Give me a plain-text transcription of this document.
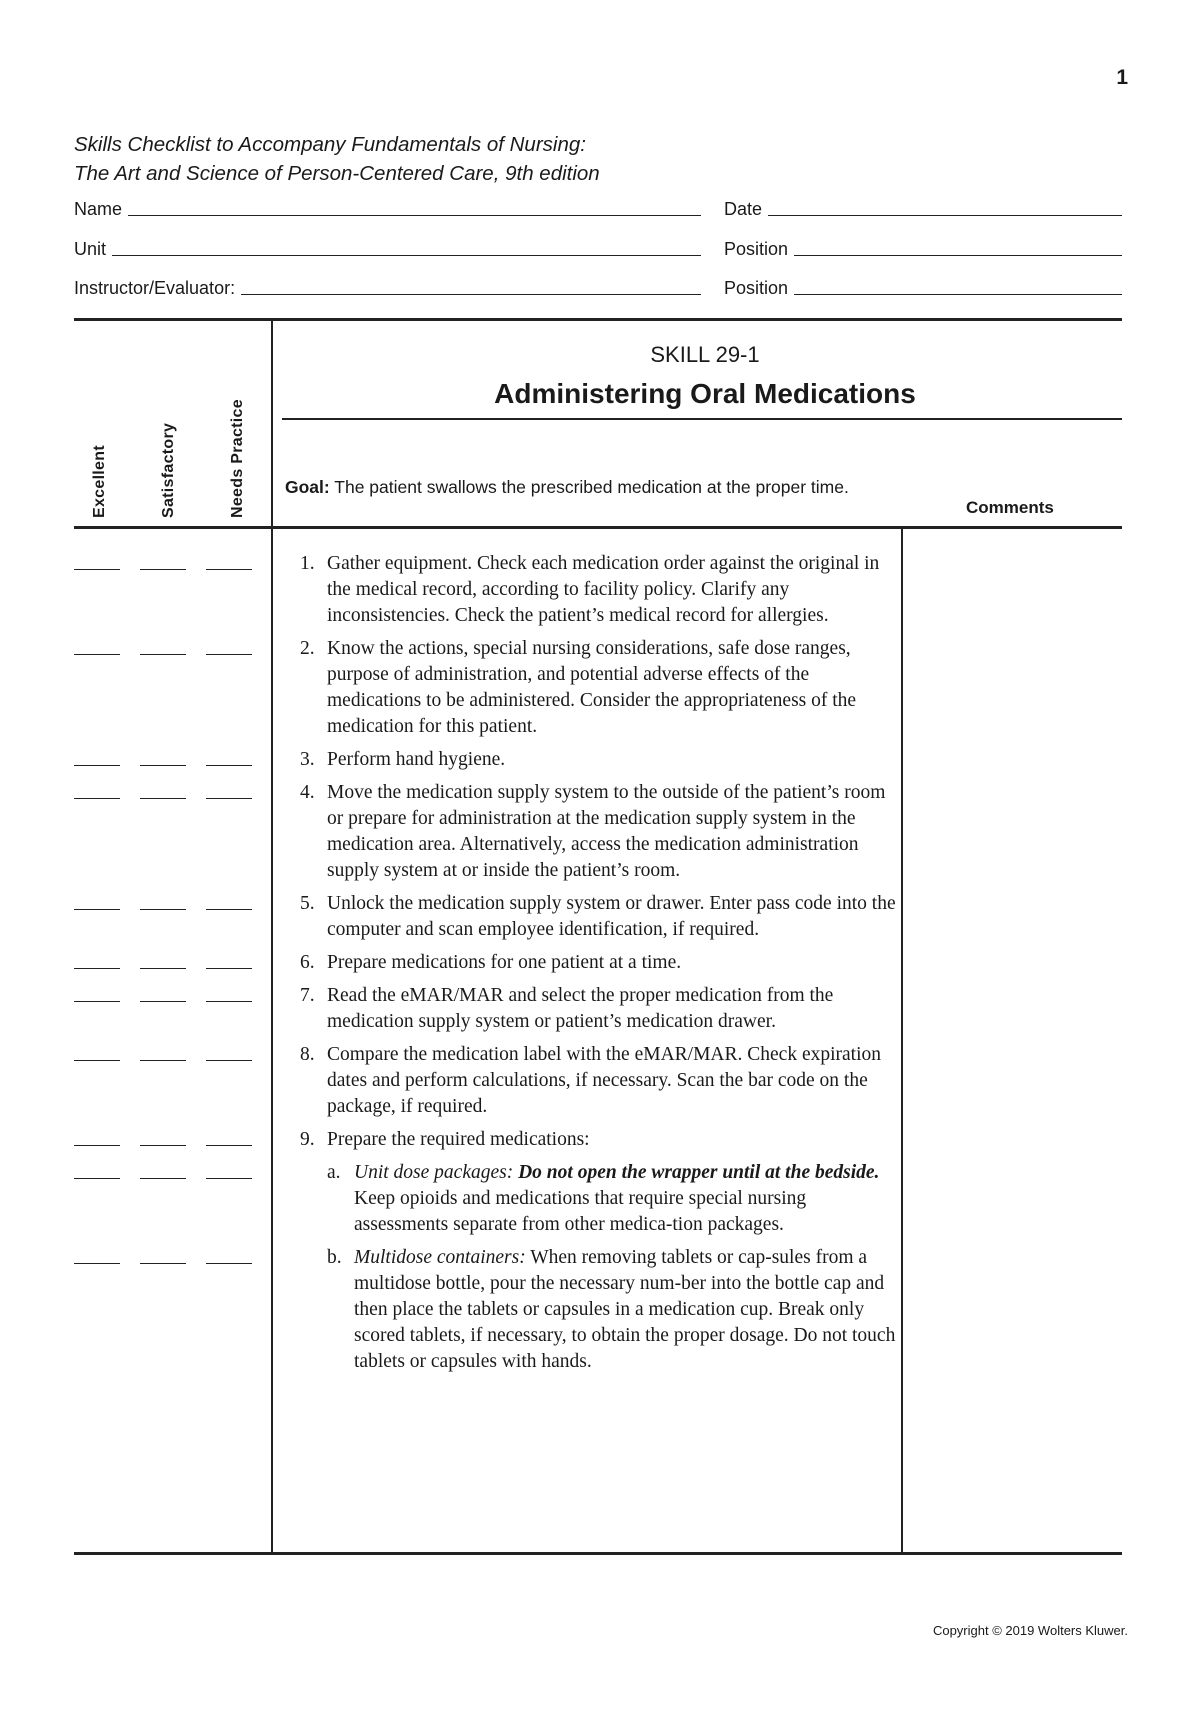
1
Skills Checklist to Accompany Fundamentals of Nursing:
The Art and Science of Person-Centered Care, 9th edition
Name	Date
Unit	Position
Instructor/Evaluator:	Position
Excellent	Satisfactory	Needs Practice
SKILL 29-1
Administering Oral Medications
Goal: The patient swallows the prescribed medication at the proper time.
Comments
1. Gather equipment. Check each medication order against the original in the medical record, according to facility policy. Clarify any inconsistencies. Check the patient’s medical record for allergies.
2. Know the actions, special nursing considerations, safe dose ranges, purpose of administration, and potential adverse effects of the medications to be administered. Consider the appropriateness of the medication for this patient.
3. Perform hand hygiene.
4. Move the medication supply system to the outside of the patient’s room or prepare for administration at the medication supply system in the medication area. Alternatively, access the medication administration supply system at or inside the patient’s room.
5. Unlock the medication supply system or drawer. Enter pass code into the computer and scan employee identification, if required.
6. Prepare medications for one patient at a time.
7. Read the eMAR/MAR and select the proper medication from the medication supply system or patient’s medication drawer.
8. Compare the medication label with the eMAR/MAR. Check expiration dates and perform calculations, if necessary. Scan the bar code on the package, if required.
9. Prepare the required medications:
a. Unit dose packages: Do not open the wrapper until at the bedside. Keep opioids and medications that require special nursing assessments separate from other medica-tion packages.
b. Multidose containers: When removing tablets or cap-sules from a multidose bottle, pour the necessary num-ber into the bottle cap and then place the tablets or capsules in a medication cup. Break only scored tablets, if necessary, to obtain the proper dosage. Do not touch tablets or capsules with hands.
Copyright © 2019 Wolters Kluwer.
